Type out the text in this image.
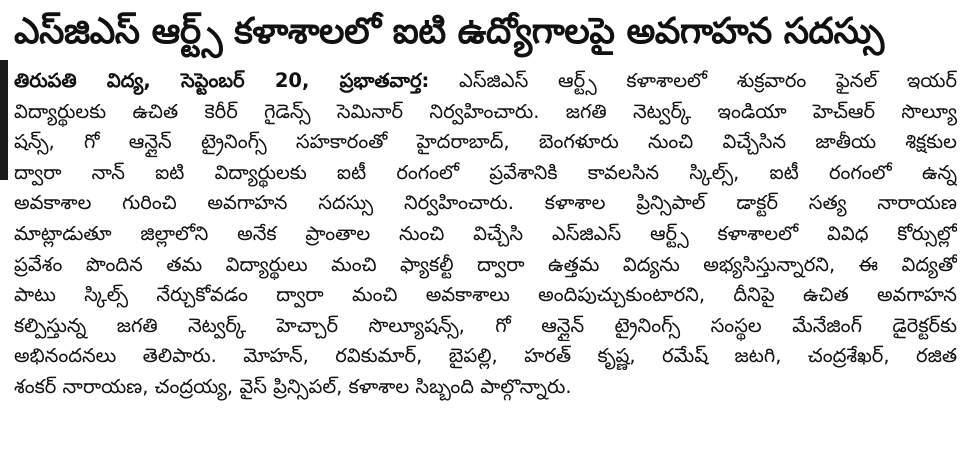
ఎస్‌జిఎస్ ఆర్ట్స్ కళాశాలలో ఐటి ఉద్యోగాలపై అవగాహన సదస్సు
తిరుపతి విద్య, సెప్టెంబర్ 20, ప్రభాతవార్త: ఎస్‌జిఎస్ ఆర్ట్స్ కళాశాలలో శుక్రవారం ఫైనల్ ఇయర్
విద్యార్థులకు ఉచిత కెరీర్ గైడెన్స్ సెమినార్ నిర్వహించారు. జగతి నెట్వర్క్ ఇండియా హెచ్ఆర్ సొల్యూ
షన్స్, గో ఆన్లైన్ ట్రైనింగ్స్ సహకారంతో హైదరాబాద్, బెంగళూరు నుంచి విచ్చేసిన జాతీయ శిక్షకుల
ద్వారా నాన్ ఐటి విద్యార్థులకు ఐటీ రంగంలో ప్రవేశానికి కావలసిన స్కిల్స్, ఐటీ రంగంలో ఉన్న
అవకాశాల గురించి అవగాహన సదస్సు నిర్వహించారు. కళాశాల ప్రిన్సిపాల్ డాక్టర్ సత్య నారాయణ
మాట్లాడుతూ జిల్లాలోని అనేక ప్రాంతాల నుంచి విచ్చేసి ఎస్‌జిఎస్ ఆర్ట్స్ కళాశాలలో వివిధ కోర్సుల్లో
ప్రవేశం పొందిన తమ విద్యార్థులు మంచి ఫ్యాకల్టీ ద్వారా ఉత్తమ విద్యను అభ్యసిస్తున్నారని, ఈ విద్యతో
పాటు స్కిల్స్ నేర్చుకోవడం ద్వారా మంచి అవకాశాలు అందిపుచ్చుకుంటారని, దీనిపై ఉచిత అవగాహన
కల్పిస్తున్న జగతి నెట్వర్క్ హెచ్చార్ సొల్యూషన్స్, గో ఆన్లైన్ ట్రైనింగ్స్ సంస్థల మేనేజింగ్ డైరెక్టర్‌కు
అభినందనలు తెలిపారు. మోహన్, రవికుమార్, బైపల్లి, హరత్ కృష్ణ, రమేష్ జటగి, చంద్రశేఖర్, రజిత
శంకర్ నారాయణ, చంద్రయ్య, వైస్ ప్రిన్సిపల్, కళాశాల సిబ్బంది పాల్గొన్నారు.
